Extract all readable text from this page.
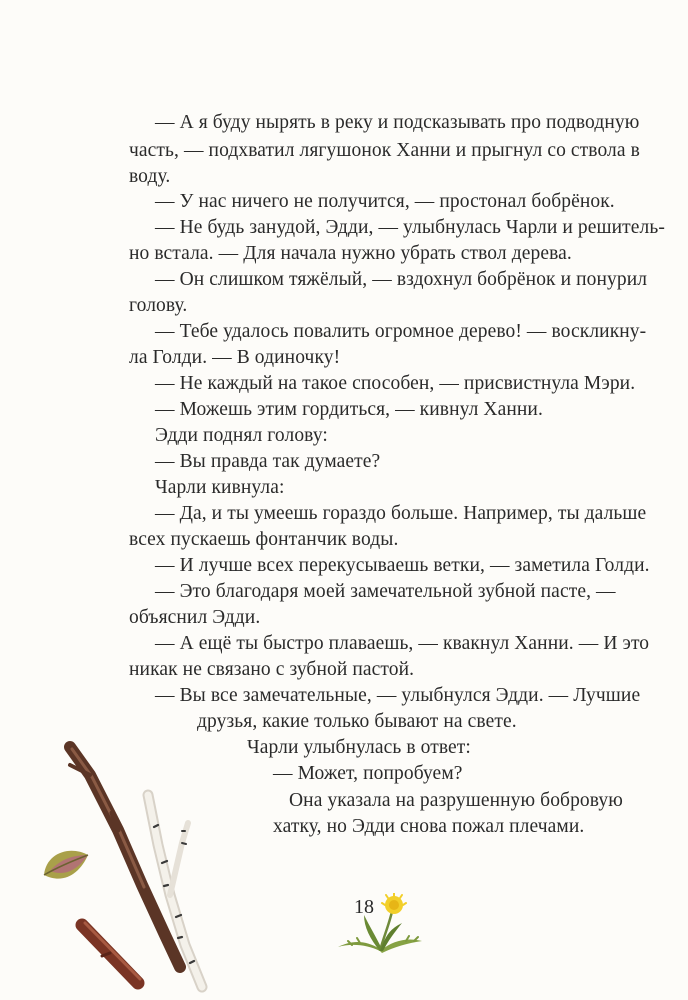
— А я буду нырять в реку и подсказывать про подводную
часть, — подхватил лягушонок Ханни и прыгнул со ствола в
воду.
— У нас ничего не получится, — простонал бобрёнок.
— Не будь занудой, Эдди, — улыбнулась Чарли и решитель-
но встала. — Для начала нужно убрать ствол дерева.
— Он слишком тяжёлый, — вздохнул бобрёнок и понурил
голову.
— Тебе удалось повалить огромное дерево! — воскликну-
ла Голди. — В одиночку!
— Не каждый на такое способен, — присвистнула Мэри.
— Можешь этим гордиться, — кивнул Ханни.
Эдди поднял голову:
— Вы правда так думаете?
Чарли кивнула:
— Да, и ты умеешь гораздо больше. Например, ты дальше
всех пускаешь фонтанчик воды.
— И лучше всех перекусываешь ветки, — заметила Голди.
— Это благодаря моей замечательной зубной пасте, —
объяснил Эдди.
— А ещё ты быстро плаваешь, — квакнул Ханни. — И это
никак не связано с зубной пастой.
— Вы все замечательные, — улыбнулся Эдди. — Лучшие
друзья, какие только бывают на свете.
Чарли улыбнулась в ответ:
— Может, попробуем?
Она указала на разрушенную бобровую
хатку, но Эдди снова пожал плечами.
18
